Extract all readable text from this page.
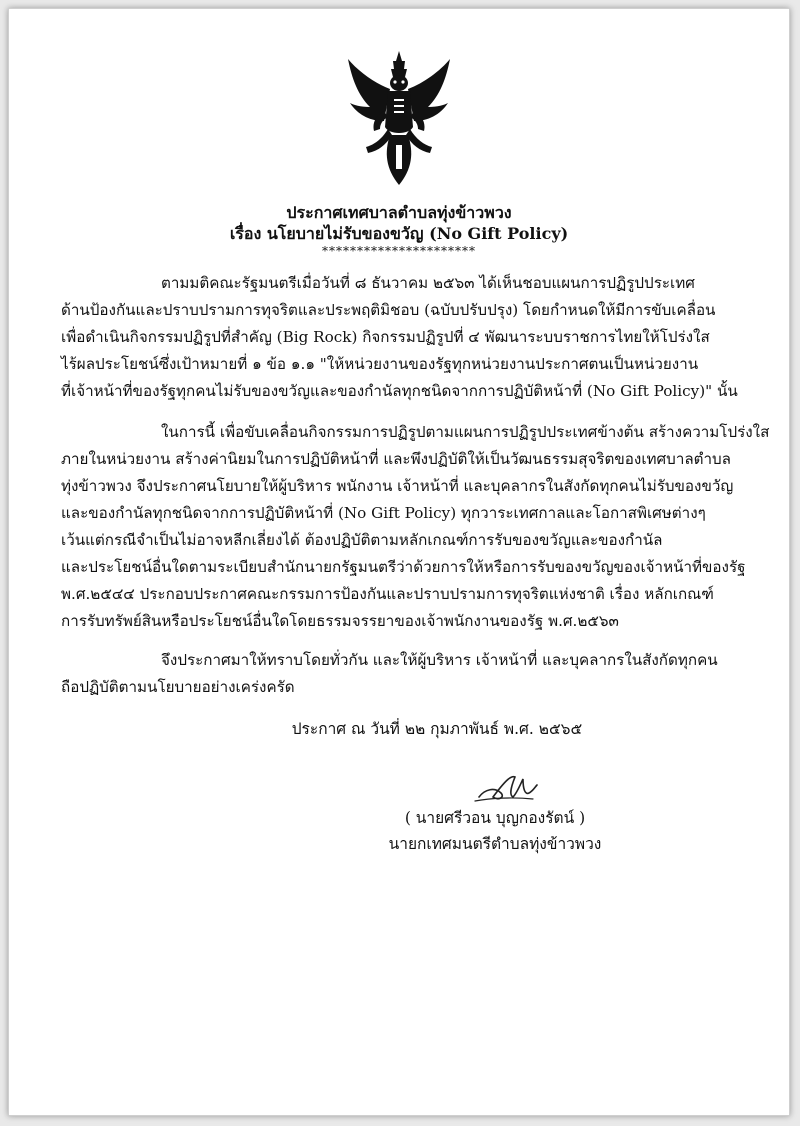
ประกาศเทศบาลตำบลทุ่งข้าวพวง
เรื่อง นโยบายไม่รับของขวัญ (No Gift Policy)
**********************
ตามมติคณะรัฐมนตรีเมื่อวันที่ ๘ ธันวาคม ๒๕๖๓ ได้เห็นชอบแผนการปฏิรูปประเทศ
ด้านป้องกันและปราบปรามการทุจริตและประพฤติมิชอบ (ฉบับปรับปรุง) โดยกำหนดให้มีการขับเคลื่อน
เพื่อดำเนินกิจกรรมปฏิรูปที่สำคัญ (Big Rock) กิจกรรมปฏิรูปที่ ๔ พัฒนาระบบราชการไทยให้โปร่งใส
ไร้ผลประโยชน์ซึ่งเป้าหมายที่ ๑ ข้อ ๑.๑ "ให้หน่วยงานของรัฐทุกหน่วยงานประกาศตนเป็นหน่วยงาน
ที่เจ้าหน้าที่ของรัฐทุกคนไม่รับของขวัญและของกำนัลทุกชนิดจากการปฏิบัติหน้าที่ (No Gift Policy)" นั้น
ในการนี้ เพื่อขับเคลื่อนกิจกรรมการปฏิรูปตามแผนการปฏิรูปประเทศข้างต้น สร้างความโปร่งใส
ภายในหน่วยงาน สร้างค่านิยมในการปฏิบัติหน้าที่ และพึงปฏิบัติให้เป็นวัฒนธรรมสุจริตของเทศบาลตำบล
ทุ่งข้าวพวง จึงประกาศนโยบายให้ผู้บริหาร พนักงาน เจ้าหน้าที่ และบุคลากรในสังกัดทุกคนไม่รับของขวัญ
และของกำนัลทุกชนิดจากการปฏิบัติหน้าที่ (No Gift Policy) ทุกวาระเทศกาลและโอกาสพิเศษต่างๆ
เว้นแต่กรณีจำเป็นไม่อาจหลีกเลี่ยงได้ ต้องปฏิบัติตามหลักเกณฑ์การรับของขวัญและของกำนัล
และประโยชน์อื่นใดตามระเบียบสำนักนายกรัฐมนตรีว่าด้วยการให้หรือการรับของขวัญของเจ้าหน้าที่ของรัฐ
พ.ศ.๒๕๔๔ ประกอบประกาศคณะกรรมการป้องกันและปราบปรามการทุจริตแห่งชาติ เรื่อง หลักเกณฑ์
การรับทรัพย์สินหรือประโยชน์อื่นใดโดยธรรมจรรยาของเจ้าพนักงานของรัฐ พ.ศ.๒๕๖๓
จึงประกาศมาให้ทราบโดยทั่วกัน และให้ผู้บริหาร เจ้าหน้าที่ และบุคลากรในสังกัดทุกคน
ถือปฏิบัติตามนโยบายอย่างเคร่งครัด
ประกาศ ณ วันที่ ๒๒ กุมภาพันธ์ พ.ศ. ๒๕๖๕
( นายศรีวอน บุญกองรัตน์ )
นายกเทศมนตรีตำบลทุ่งข้าวพวง
